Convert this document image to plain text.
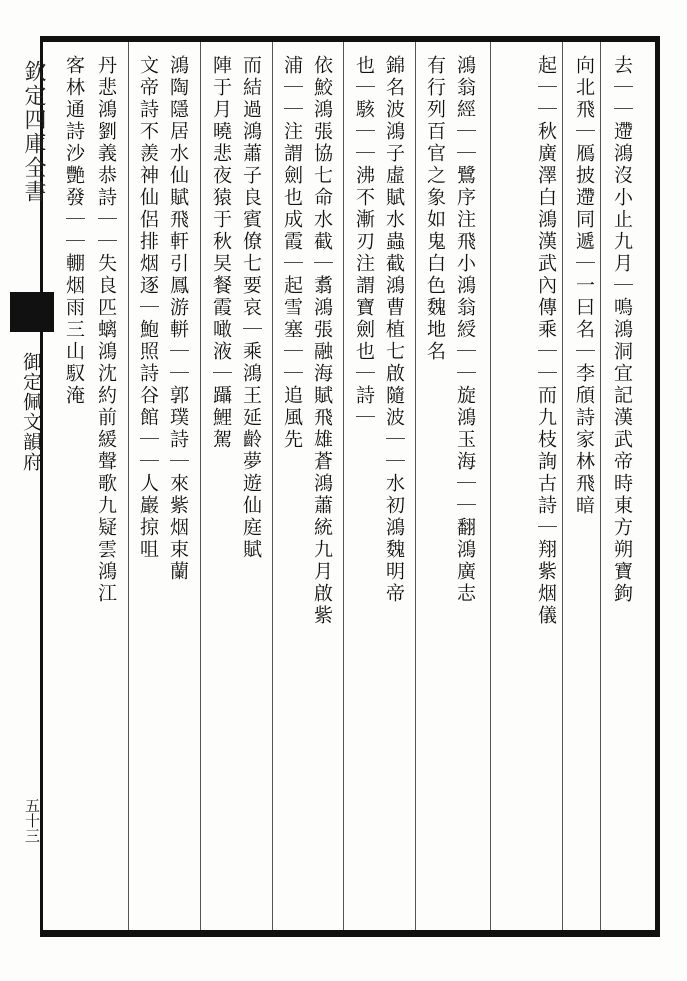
欽定四庫全書
御定佩文韻府
五十三
去｜｜遰鴻沒小止九月｜鳴鴻洞宜記漢武帝時東方朔寶鉤
向北飛｜鴈披遰同遞｜一曰名｜李頎詩家林飛暗
起｜｜秋廣澤白鴻漢武內傳乘｜｜而九枝詢古詩｜翔紫烟儀
鴻翁經｜｜鷺序注飛小鴻翁綬｜｜旋鴻玉海｜｜翻鴻廣志
有行列百官之象如鬼白色魏地名
錦名波鴻子虛賦水蟲截鴻曹植七啟隨波｜｜水初鴻魏明帝
也｜駭｜｜沸不漸刃注謂寶劍也｜詩｜
依鮫鴻張協七命水截｜翥鴻張融海賦飛雄蒼鴻蕭統九月啟紫
浦｜｜注謂劍也成霞｜起雪塞｜｜追風先
而結過鴻蕭子良賓僚七要哀｜乘鴻王延齡夢遊仙庭賦
陣于月曉悲夜猿于秋旲餐霞噉液｜躡鯉駕
鴻陶隱居水仙賦飛軒引鳳游軿｜｜郭璞詩｜來紫烟束蘭
文帝詩不羨神仙侶排烟逐｜鮑照詩谷館｜｜人巖掠咀
丹悲鴻劉義恭詩｜｜失良匹螭鴻沈約前緩聲歌九疑雲鴻江
客林通詩沙艷發｜｜輣烟雨三山馭淹
